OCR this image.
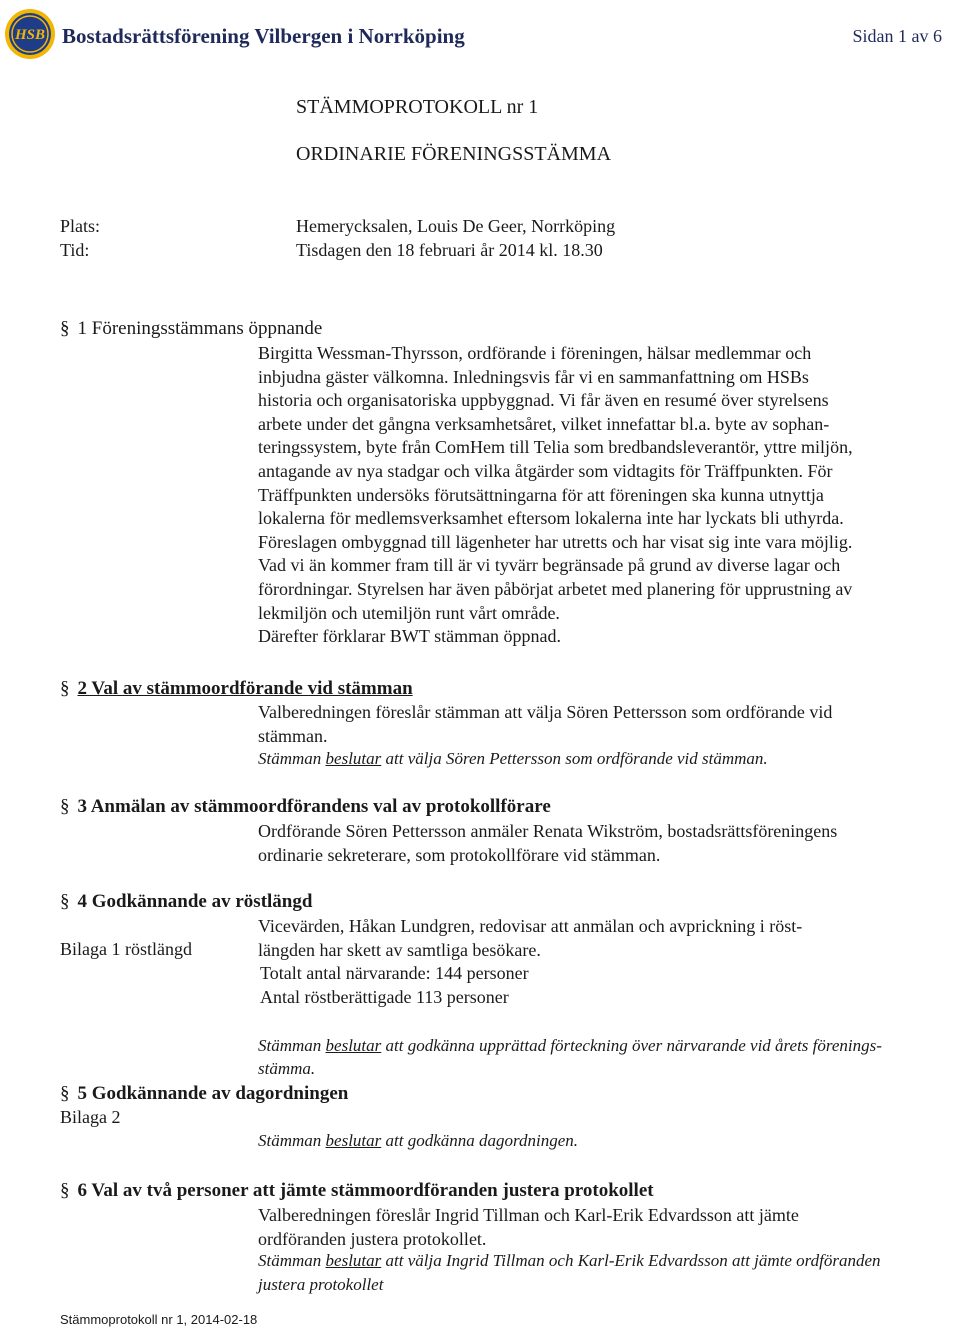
HSB Bostadsrättsförening Vilbergen i Norrköping	Sidan 1 av 6
STÄMMOPROTOKOLL nr 1
ORDINARIE FÖRENINGSSTÄMMA
Plats:	Hemerycksalen, Louis De Geer, Norrköping
Tid:	Tisdagen den 18 februari år 2014 kl. 18.30
§ 1 Föreningsstämmans öppnande
Birgitta Wessman-Thyrsson, ordförande i föreningen, hälsar medlemmar och
inbjudna gäster välkomna. Inledningsvis får vi en sammanfattning om HSBs
historia och organisatoriska uppbyggnad. Vi får även en resumé över styrelsens
arbete under det gångna verksamhetsåret, vilket innefattar bl.a. byte av sophan-
teringssystem, byte från ComHem till Telia som bredbandsleverantör, yttre miljön,
antagande av nya stadgar och vilka åtgärder som vidtagits för Träffpunkten. För
Träffpunkten undersöks förutsättningarna för att föreningen ska kunna utnyttja
lokalerna för medlemsverksamhet eftersom lokalerna inte har lyckats bli uthyrda.
Föreslagen ombyggnad till lägenheter har utretts och har visat sig inte vara möjlig.
Vad vi än kommer fram till är vi tyvärr begränsade på grund av diverse lagar och
förordningar. Styrelsen har även påbörjat arbetet med planering för upprustning av
lekmiljön och utemiljön runt vårt område.
Därefter förklarar BWT stämman öppnad.
§ 2 Val av stämmoordförande vid stämman
Valberedningen föreslår stämman att välja Sören Pettersson som ordförande vid
stämman.
Stämman beslutar att välja Sören Pettersson som ordförande vid stämman.
§ 3 Anmälan av stämmoordförandens val av protokollförare
Ordförande Sören Pettersson anmäler Renata Wikström, bostadsrättsföreningens
ordinarie sekreterare, som protokollförare vid stämman.
§ 4 Godkännande av röstlängd
Vicevärden, Håkan Lundgren, redovisar att anmälan och avprickning i röst-
längden har skett av samtliga besökare.
Bilaga 1 röstlängd
Totalt antal närvarande: 144 personer
Antal röstberättigade 113 personer
Stämman beslutar att godkänna upprättad förteckning över närvarande vid årets förenings-
stämma.
§ 5 Godkännande av dagordningen
Bilaga 2
Stämman beslutar att godkänna dagordningen.
§ 6 Val av två personer att jämte stämmoordföranden justera protokollet
Valberedningen föreslår Ingrid Tillman och Karl-Erik Edvardsson att jämte
ordföranden justera protokollet.
Stämman beslutar att välja Ingrid Tillman och Karl-Erik Edvardsson att jämte ordföranden
justera protokollet
Stämmoprotokoll nr 1, 2014-02-18
